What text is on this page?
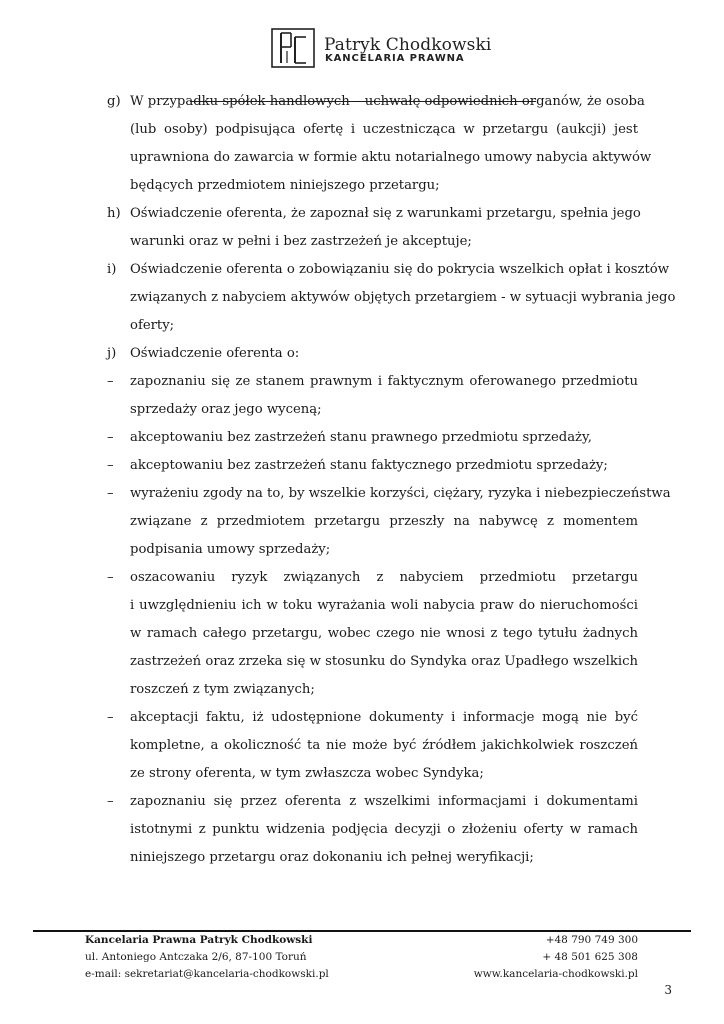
Patryk Chodkowski
KANCELARIA PRAWNA
g) W przypadku spółek handlowych – uchwałę odpowiednich organów, że osoba
(lub osoby) podpisująca ofertę i uczestnicząca w przetargu (aukcji) jest
uprawniona do zawarcia w formie aktu notarialnego umowy nabycia aktywów
będących przedmiotem niniejszego przetargu;
h) Oświadczenie oferenta, że zapoznał się z warunkami przetargu, spełnia jego
warunki oraz w pełni i bez zastrzeżeń je akceptuje;
i) Oświadczenie oferenta o zobowiązaniu się do pokrycia wszelkich opłat i kosztów
związanych z nabyciem aktywów objętych przetargiem - w sytuacji wybrania jego
oferty;
j) Oświadczenie oferenta o:
– zapoznaniu się ze stanem prawnym i faktycznym oferowanego przedmiotu
sprzedaży oraz jego wyceną;
– akceptowaniu bez zastrzeżeń stanu prawnego przedmiotu sprzedaży,
– akceptowaniu bez zastrzeżeń stanu faktycznego przedmiotu sprzedaży;
– wyrażeniu zgody na to, by wszelkie korzyści, ciężary, ryzyka i niebezpieczeństwa
związane z przedmiotem przetargu przeszły na nabywcę z momentem
podpisania umowy sprzedaży;
– oszacowaniu ryzyk związanych z nabyciem przedmiotu przetargu
i uwzględnieniu ich w toku wyrażania woli nabycia praw do nieruchomości
w ramach całego przetargu, wobec czego nie wnosi z tego tytułu żadnych
zastrzeżeń oraz zrzeka się w stosunku do Syndyka oraz Upadłego wszelkich
roszczeń z tym związanych;
– akceptacji faktu, iż udostępnione dokumenty i informacje mogą nie być
kompletne, a okoliczność ta nie może być źródłem jakichkolwiek roszczeń
ze strony oferenta, w tym zwłaszcza wobec Syndyka;
– zapoznaniu się przez oferenta z wszelkimi informacjami i dokumentami
istotnymi z punktu widzenia podjęcia decyzji o złożeniu oferty w ramach
niniejszego przetargu oraz dokonaniu ich pełnej weryfikacji;
Kancelaria Prawna Patryk Chodkowski
ul. Antoniego Antczaka 2/6, 87-100 Toruń
e-mail: sekretariat@kancelaria-chodkowski.pl
+48 790 749 300
+ 48 501 625 308
www.kancelaria-chodkowski.pl
3
